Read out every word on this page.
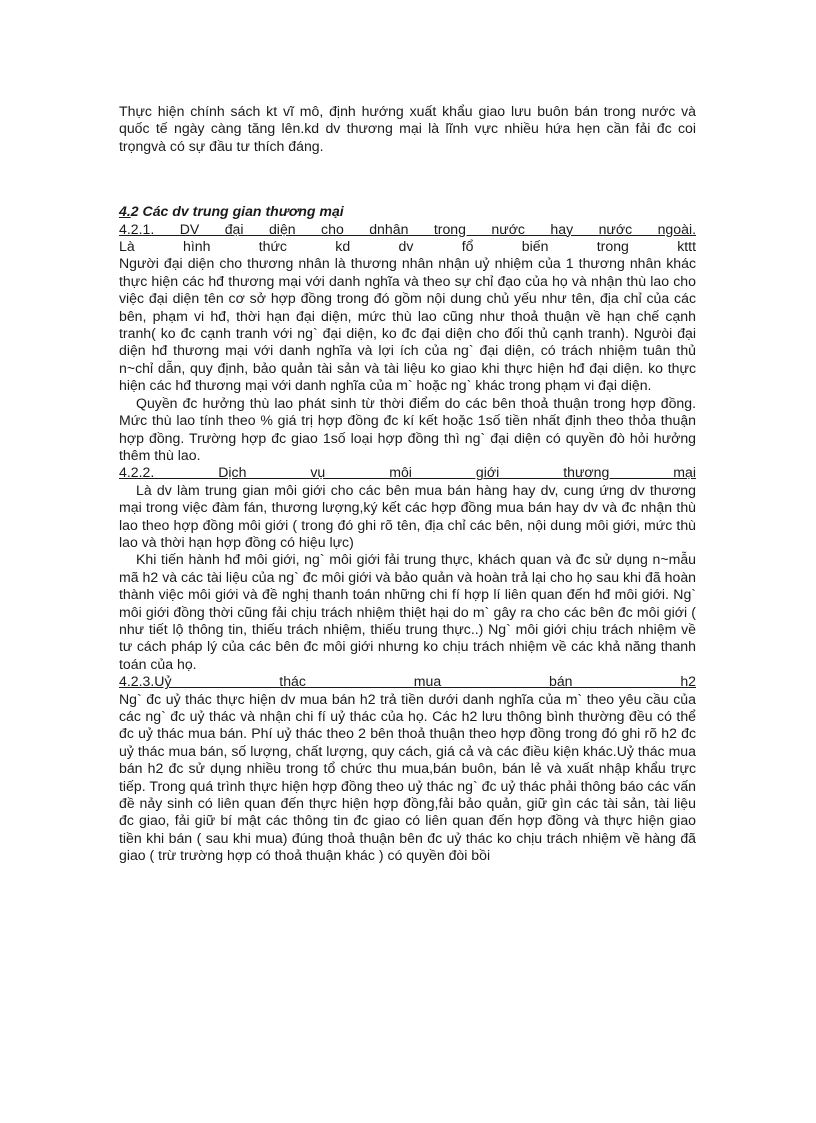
Thực hiện chính sách kt vĩ mô, định hướng xuất khẩu giao lưu buôn bán trong nước và quốc tế ngày càng tăng lên.kd dv thương mại là lĩnh vực nhiều hứa hẹn cần fải đc coi trọngvà có sự đầu tư thích đáng.

4.2 Các dv trung gian thương mại

4.2.1. DV đại diện cho dnhân trong nước hay nước ngoài.

Là hình thức kd dv fổ biến trong kttt

Người đại diện cho thương nhân là thương nhân nhận uỷ nhiệm của 1 thương nhân khác thực hiện các hđ thương mại với danh nghĩa và theo sự chỉ đạo của họ và nhận thù lao cho việc đại diện tên cơ sở hợp đồng trong đó gồm nội dung chủ yếu như tên, địa chỉ của các bên, phạm vi hđ, thời hạn đại diện, mức thù lao cũng như thoả thuận về hạn chế cạnh tranh( ko đc cạnh tranh với ng` đại diện, ko đc đại diện cho đối thủ cạnh tranh). Ngưòi đại diện hđ thương mại với danh nghĩa và lợi ích của ng` đại diện, có trách nhiệm tuân thủ n~chỉ dẫn, quy định, bảo quản tài sản và tài liệu ko giao khi thực hiện hđ đại diện. ko thực hiện các hđ thương mại với danh nghĩa của m` hoặc ng` khác trong phạm vi đại diện.

Quyền đc hưởng thù lao phát sinh từ thời điểm do các bên thoả thuận trong hợp đồng. Mức thù lao tính theo % giá trị hợp đồng đc kí kết hoặc 1số tiền nhất định theo thỏa thuận hợp đồng. Trường hợp đc giao 1số loại hợp đồng thì ng` đại diện có quyền đò hỏi hưởng thêm thù lao.

4.2.2. Dịch vụ môi giới thương mại

Là dv làm trung gian môi giới cho các bên mua bán hàng hay dv, cung ứng dv thương mại trong việc đàm fán, thương lượng,ký kết các hợp đồng mua bán hay dv và đc nhận thù lao theo hợp đồng môi giới ( trong đó ghi rõ tên, địa chỉ các bên, nội dung môi giới, mức thù lao và thời hạn hợp đồng có hiệu lực)

Khi tiến hành hđ môi giới, ng` môi giới fải trung thực, khách quan và đc sử dụng n~mẫu mã h2 và các tài liệu của ng` đc môi giới và bảo quản và hoàn trả lại cho họ sau khi đã hoàn thành việc môi giới và đề nghị thanh toán những chi fí hợp lí liên quan đến hđ môi giới. Ng` môi giới đồng thời cũng fải chịu trách nhiệm thiệt hại do m` gây ra cho các bên đc môi giới ( như tiết lộ thông tin, thiếu trách nhiệm, thiếu trung thực..) Ng` môi giới chịu trách nhiệm về tư cách pháp lý của các bên đc môi giới nhưng ko chịu trách nhiệm về các khả năng thanh toán của họ.

4.2.3.Uỷ thác mua bán h2

Ng` đc uỷ thác thực hiện dv mua bán h2 trả tiền dưới danh nghĩa của m` theo yêu cầu của các ng` đc uỷ thác và nhận chi fí uỷ thác của họ. Các h2 lưu thông bình thường đều có thể đc uỷ thác mua bán. Phí uỷ thác theo 2 bên thoả thuận theo hợp đồng trong đó ghi rõ h2 đc uỷ thác mua bán, số lượng, chất lượng, quy cách, giá cả và các điều kiện khác.Uỷ thác mua bán h2 đc sử dụng nhiều trong tổ chức thu mua,bán buôn, bán lẻ và xuất nhập khẩu trực tiếp. Trong quá trình thực hiện hợp đồng theo uỷ thác ng` đc uỷ thác phải thông báo các vấn đề nảy sinh có liên quan đến thực hiện hợp đồng,fải bảo quản, giữ gìn các tài sản, tài liệu đc giao, fải giữ bí mật các thông tin đc giao có liên quan đến hợp đồng và thực hiện giao tiền khi bán ( sau khi mua) đúng thoả thuận bên đc uỷ thác ko chịu trách nhiệm về hàng đã giao ( trừ trường hợp có thoả thuận khác ) có quyền đòi bồi
